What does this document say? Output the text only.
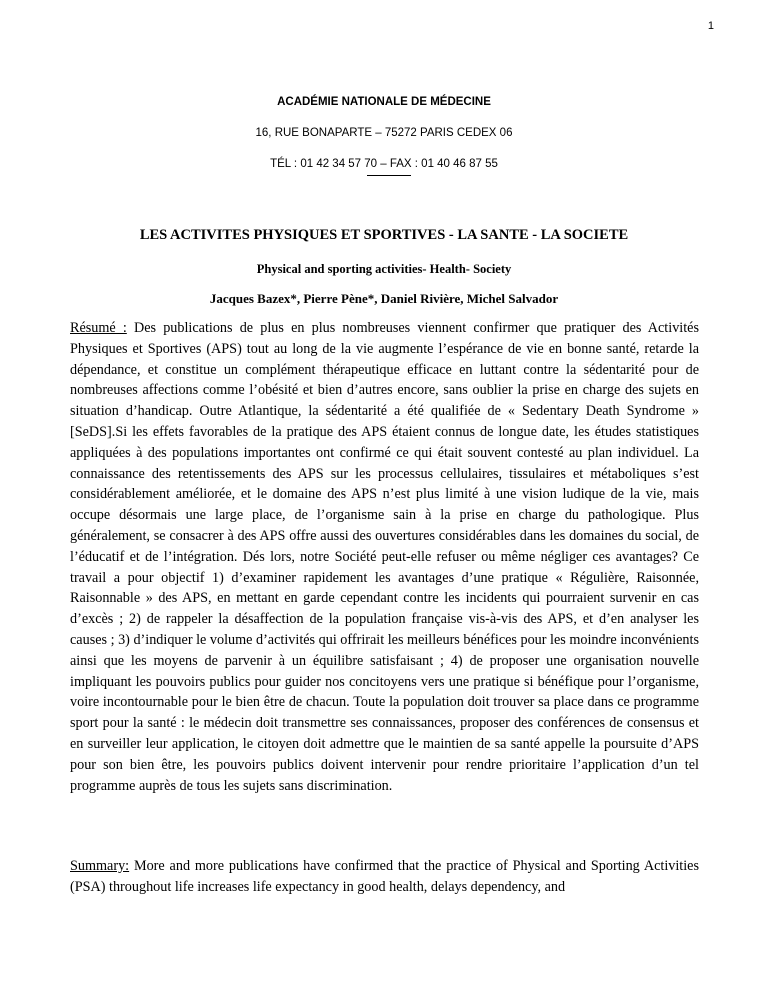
1
ACADÉMIE NATIONALE DE MÉDECINE
16, RUE BONAPARTE – 75272 PARIS CEDEX 06
TÉL : 01 42 34 57 70 – FAX : 01 40 46 87 55
LES ACTIVITES PHYSIQUES ET SPORTIVES - LA SANTE - LA SOCIETE
Physical and sporting activities- Health- Society
Jacques Bazex*, Pierre Pène*, Daniel Rivière, Michel Salvador

Résumé : Des publications de plus en plus nombreuses viennent confirmer que pratiquer des Activités Physiques et Sportives (APS) tout au long de la vie augmente l’espérance de vie en bonne santé, retarde la dépendance, et constitue un complément thérapeutique efficace en luttant contre la sédentarité pour de nombreuses affections comme l’obésité et bien d’autres encore, sans oublier la prise en charge des sujets en situation d’handicap. Outre Atlantique, la sédentarité a été qualifiée de « Sedentary Death Syndrome » [SeDS].Si les effets favorables de la pratique des APS étaient connus de longue date, les études statistiques appliquées à des populations importantes ont confirmé ce qui était souvent contesté au plan individuel. La connaissance des retentissements des APS sur les processus cellulaires, tissulaires et métaboliques s’est considérablement améliorée, et le domaine des APS n’est plus limité à une vision ludique de la vie, mais occupe désormais une large place, de l’organisme sain à la prise en charge du pathologique. Plus généralement, se consacrer à des APS offre aussi des ouvertures considérables dans les domaines du social, de l’éducatif et de l’intégration. Dés lors, notre Société peut-elle refuser ou même négliger ces avantages? Ce travail a pour objectif 1) d’examiner rapidement les avantages d’une pratique « Régulière, Raisonnée, Raisonnable » des APS, en mettant en garde cependant contre les incidents qui pourraient survenir en cas d’excès ; 2) de rappeler la désaffection de la population française vis-à-vis des APS, et d’en analyser les causes ; 3) d’indiquer le volume d’activités qui offrirait les meilleurs bénéfices pour les moindre inconvénients ainsi que les moyens de parvenir à un équilibre satisfaisant ; 4) de proposer une organisation nouvelle impliquant les pouvoirs publics pour guider nos concitoyens vers une pratique si bénéfique pour l’organisme, voire incontournable pour le bien être de chacun. Toute la population doit trouver sa place dans ce programme sport pour la santé : le médecin doit transmettre ses connaissances, proposer des conférences de consensus et en surveiller leur application, le citoyen doit admettre que le maintien de sa santé appelle la poursuite d’APS pour son bien être, les pouvoirs publics doivent intervenir pour rendre prioritaire l’application d’un tel programme auprès de tous les sujets sans discrimination.

Summary: More and more publications have confirmed that the practice of Physical and Sporting Activities (PSA) throughout life increases life expectancy in good health, delays dependency, and
